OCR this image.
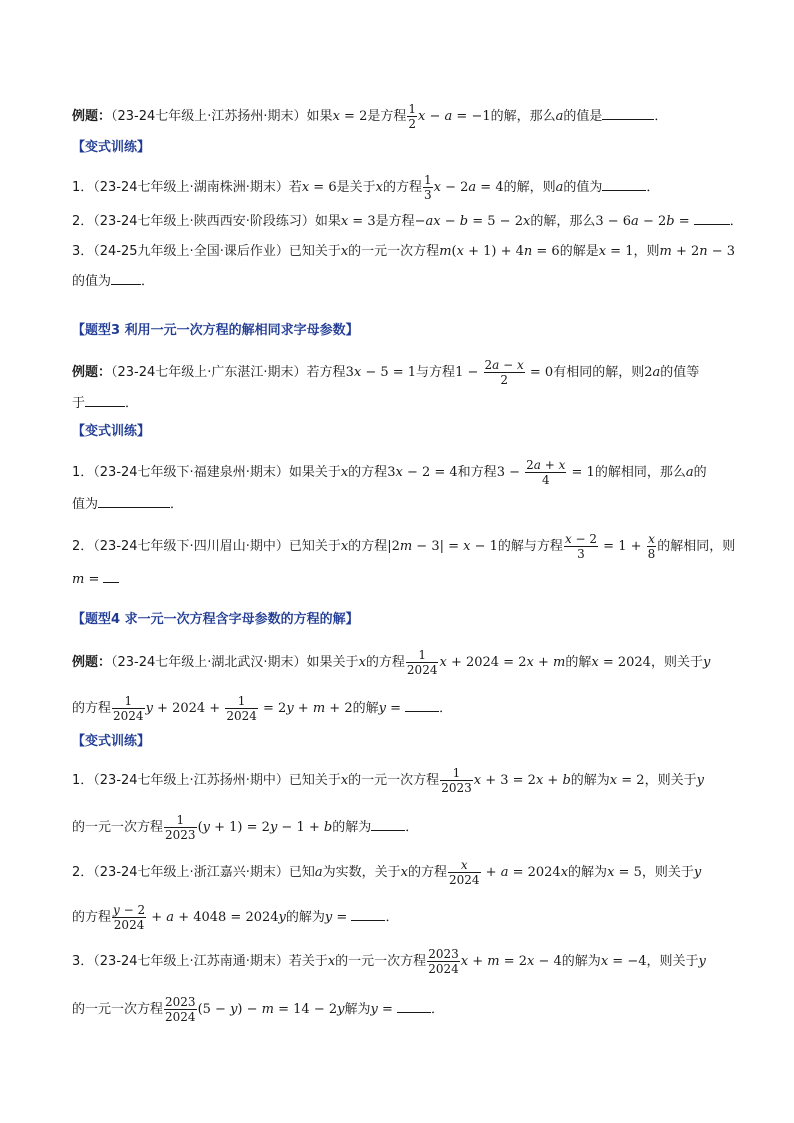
例题：（23-24七年级上·江苏扬州·期末）如果x = 2是方程 $\frac{1}{2}$ x − a = −1的解，那么a的值是	．
【变式训练】
1．（23-24七年级上·湖南株洲·期末）若x = 6是关于x的方程 $\frac{1}{3}$ x − 2a = 4的解，则a的值为	．
2．（23-24七年级上·陕西西安·阶段练习）如果x = 3是方程−ax − b = 5 − 2x的解，那么3 − 6a − 2b =	．
3．（24-25九年级上·全国·课后作业）已知关于x的一元一次方程m(x + 1) + 4n = 6的解是x = 1，则m + 2n − 3
的值为 ．
【题型3 利用一元一次方程的解相同求字母参数】
例题：（23-24七年级上·广东湛江·期末）若方程3x − 5 = 1与方程$1 - \frac{2a - x}{2} = 0$有相同的解，则2a的值等
于	．
【变式训练】
1．（23-24七年级下·福建泉州·期末）如果关于x的方程3x − 2 = 4和方程$3 - \frac{2a + x}{4} = 1$的解相同，那么a的
值为	．
2．（23-24七年级下·四川眉山·期中）已知关于x的方程|2m − 3| = x − 1的解与方程 $\frac{x - 2}{3} = 1 + \frac{x}{8}$ 的解相同，则
m =
【题型4 求一元一次方程含字母参数的方程的解】
例题：（23-24七年级上·湖北武汉·期末）如果关于x的方程 $\frac{1}{2024}$ x + 2024 = 2x + m的解x = 2024，则关于y
的方程 $\frac{1}{2024}$ $y + 2024 + \frac{1}{2024} = 2y + m + 2$的解y =	．
【变式训练】
1．（23-24七年级上·江苏扬州·期中）已知关于x的一元一次方程 $\frac{1}{2023}$ x + 3 = 2x + b的解为x = 2，则关于y
的一元一次方程 $\frac{1}{2023} (y + 1) = 2y - 1 + b$的解为	．
2．（23-24七年级上·浙江嘉兴·期末）已知a为实数，关于x的方程 $\frac{x}{2024} + a = 2024x$的解为x = 5，则关于y
的方程 $\frac{y - 2}{2024} + a + 4048 = 2024y$的解为y =	．
3．（23-24七年级上·江苏南通·期末）若关于x的一元一次方程 $\frac{2023}{2024}$ x + m = 2x − 4的解为x = −4，则关于y
的一元一次方程 $\frac{2023}{2024} (5 - y) - m = 14 - 2y$解为y =	．
